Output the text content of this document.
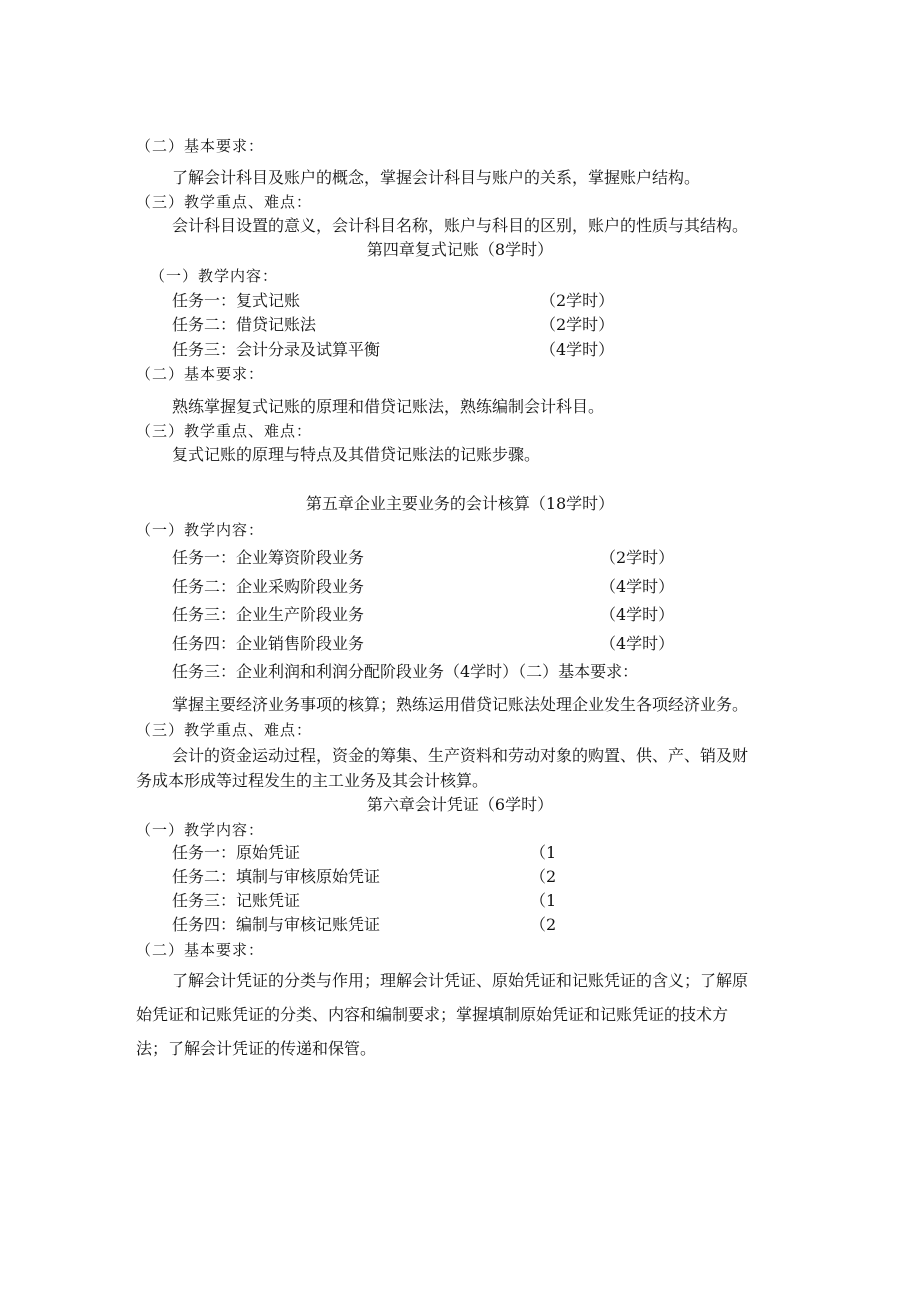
（二）基本要求：
了解会计科目及账户的概念，掌握会计科目与账户的关系，掌握账户结构。
（三）教学重点、难点：
会计科目设置的意义，会计科目名称，账户与科目的区别，账户的性质与其结构。
第四章复式记账（8学时）
（一）教学内容：
任务一：复式记账	（2学时）
任务二：借贷记账法	（2学时）
任务三：会计分录及试算平衡	（4学时）
（二）基本要求：
熟练掌握复式记账的原理和借贷记账法，熟练编制会计科目。
（三）教学重点、难点：
复式记账的原理与特点及其借贷记账法的记账步骤。
第五章企业主要业务的会计核算（18学时）
（一）教学内容：
任务一：企业筹资阶段业务	（2学时）
任务二：企业采购阶段业务	（4学时）
任务三：企业生产阶段业务	（4学时）
任务四：企业销售阶段业务	（4学时）
任务三：企业利润和利润分配阶段业务（4学时）（二）基本要求：
掌握主要经济业务事项的核算；熟练运用借贷记账法处理企业发生各项经济业务。
（三）教学重点、难点：
会计的资金运动过程，资金的筹集、生产资料和劳动对象的购置、供、产、销及财
务成本形成等过程发生的主工业务及其会计核算。
第六章会计凭证（6学时）
（一）教学内容：
任务一：原始凭证	（1
任务二：填制与审核原始凭证	（2
任务三：记账凭证	（1
任务四：编制与审核记账凭证	（2
（二）基本要求：
了解会计凭证的分类与作用；理解会计凭证、原始凭证和记账凭证的含义；了解原
始凭证和记账凭证的分类、内容和编制要求；掌握填制原始凭证和记账凭证的技术方
法；了解会计凭证的传递和保管。
